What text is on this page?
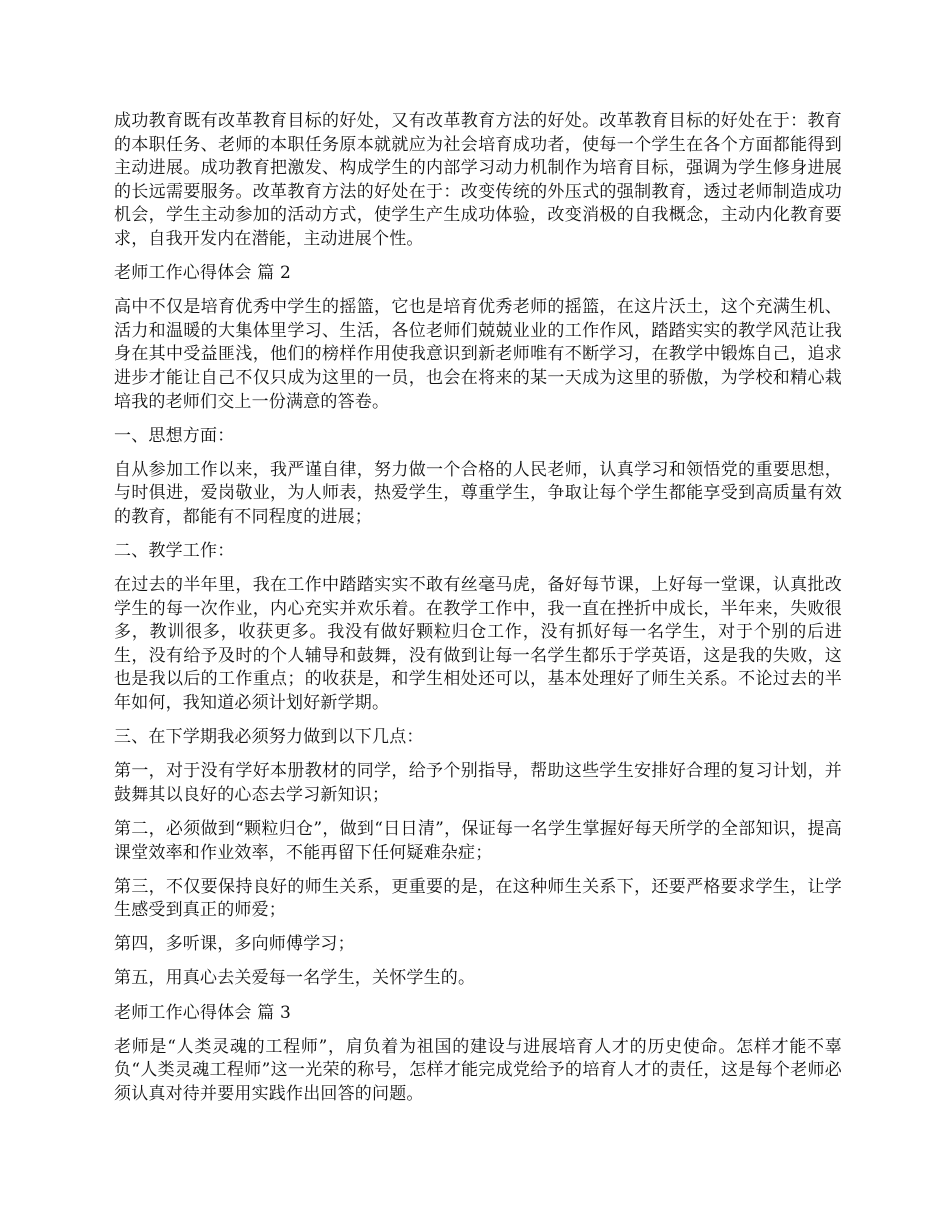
成功教育既有改革教育目标的好处，又有改革教育方法的好处。改革教育目标的好处在于：教育的本职任务、老师的本职任务原本就就应为社会培育成功者，使每一个学生在各个方面都能得到主动进展。成功教育把激发、构成学生的内部学习动力机制作为培育目标，强调为学生修身进展的长远需要服务。改革教育方法的好处在于：改变传统的外压式的强制教育，透过老师制造成功机会，学生主动参加的活动方式，使学生产生成功体验，改变消极的自我概念，主动内化教育要求，自我开发内在潜能，主动进展个性。

老师工作心得体会 篇 2

高中不仅是培育优秀中学生的摇篮，它也是培育优秀老师的摇篮，在这片沃土，这个充满生机、活力和温暖的大集体里学习、生活，各位老师们兢兢业业的工作作风，踏踏实实的教学风范让我身在其中受益匪浅，他们的榜样作用使我意识到新老师唯有不断学习，在教学中锻炼自己，追求进步才能让自己不仅只成为这里的一员，也会在将来的某一天成为这里的骄傲，为学校和精心栽培我的老师们交上一份满意的答卷。

一、思想方面：

自从参加工作以来，我严谨自律，努力做一个合格的人民老师，认真学习和领悟党的重要思想，与时俱进，爱岗敬业，为人师表，热爱学生，尊重学生，争取让每个学生都能享受到高质量有效的教育，都能有不同程度的进展；

二、教学工作：

在过去的半年里，我在工作中踏踏实实不敢有丝毫马虎，备好每节课，上好每一堂课，认真批改学生的每一次作业，内心充实并欢乐着。在教学工作中，我一直在挫折中成长，半年来，失败很多，教训很多，收获更多。我没有做好颗粒归仓工作，没有抓好每一名学生，对于个别的后进生，没有给予及时的个人辅导和鼓舞，没有做到让每一名学生都乐于学英语，这是我的失败，这也是我以后的工作重点；的收获是，和学生相处还可以，基本处理好了师生关系。不论过去的半年如何，我知道必须计划好新学期。

三、在下学期我必须努力做到以下几点：

第一，对于没有学好本册教材的同学，给予个别指导，帮助这些学生安排好合理的复习计划，并鼓舞其以良好的心态去学习新知识；

第二，必须做到“颗粒归仓”，做到“日日清”，保证每一名学生掌握好每天所学的全部知识，提高课堂效率和作业效率，不能再留下任何疑难杂症；

第三，不仅要保持良好的师生关系，更重要的是，在这种师生关系下，还要严格要求学生，让学生感受到真正的师爱；

第四，多听课，多向师傅学习；

第五，用真心去关爱每一名学生，关怀学生的。

老师工作心得体会 篇 3

老师是“人类灵魂的工程师”，肩负着为祖国的建设与进展培育人才的历史使命。怎样才能不辜负“人类灵魂工程师”这一光荣的称号，怎样才能完成党给予的培育人才的责任，这是每个老师必须认真对待并要用实践作出回答的问题。
